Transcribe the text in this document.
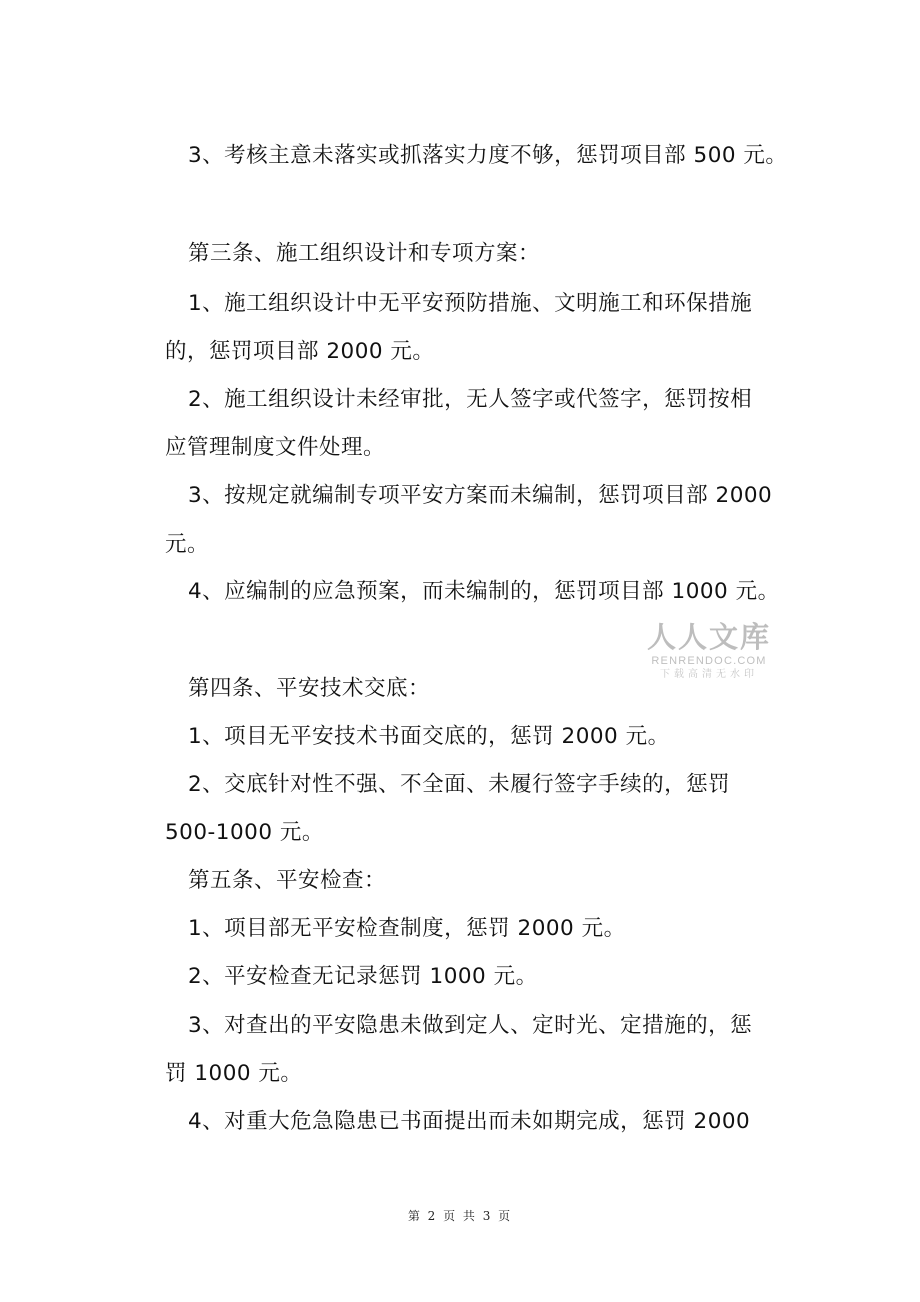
3、考核主意未落实或抓落实力度不够，惩罚项目部 500 元。
第三条、施工组织设计和专项方案：
1、施工组织设计中无平安预防措施、文明施工和环保措施
的，惩罚项目部 2000 元。
2、施工组织设计未经审批，无人签字或代签字，惩罚按相
应管理制度文件处理。
3、按规定就编制专项平安方案而未编制，惩罚项目部 2000
元。
4、应编制的应急预案，而未编制的，惩罚项目部 1000 元。
人人文库
RENRENDOC.COM
下载高清无水印
第四条、平安技术交底：
1、项目无平安技术书面交底的，惩罚 2000 元。
2、交底针对性不强、不全面、未履行签字手续的，惩罚
500-1000 元。
第五条、平安检查：
1、项目部无平安检查制度，惩罚 2000 元。
2、平安检查无记录惩罚 1000 元。
3、对查出的平安隐患未做到定人、定时光、定措施的，惩
罚 1000 元。
4、对重大危急隐患已书面提出而未如期完成，惩罚 2000
第 2 页 共 3 页
